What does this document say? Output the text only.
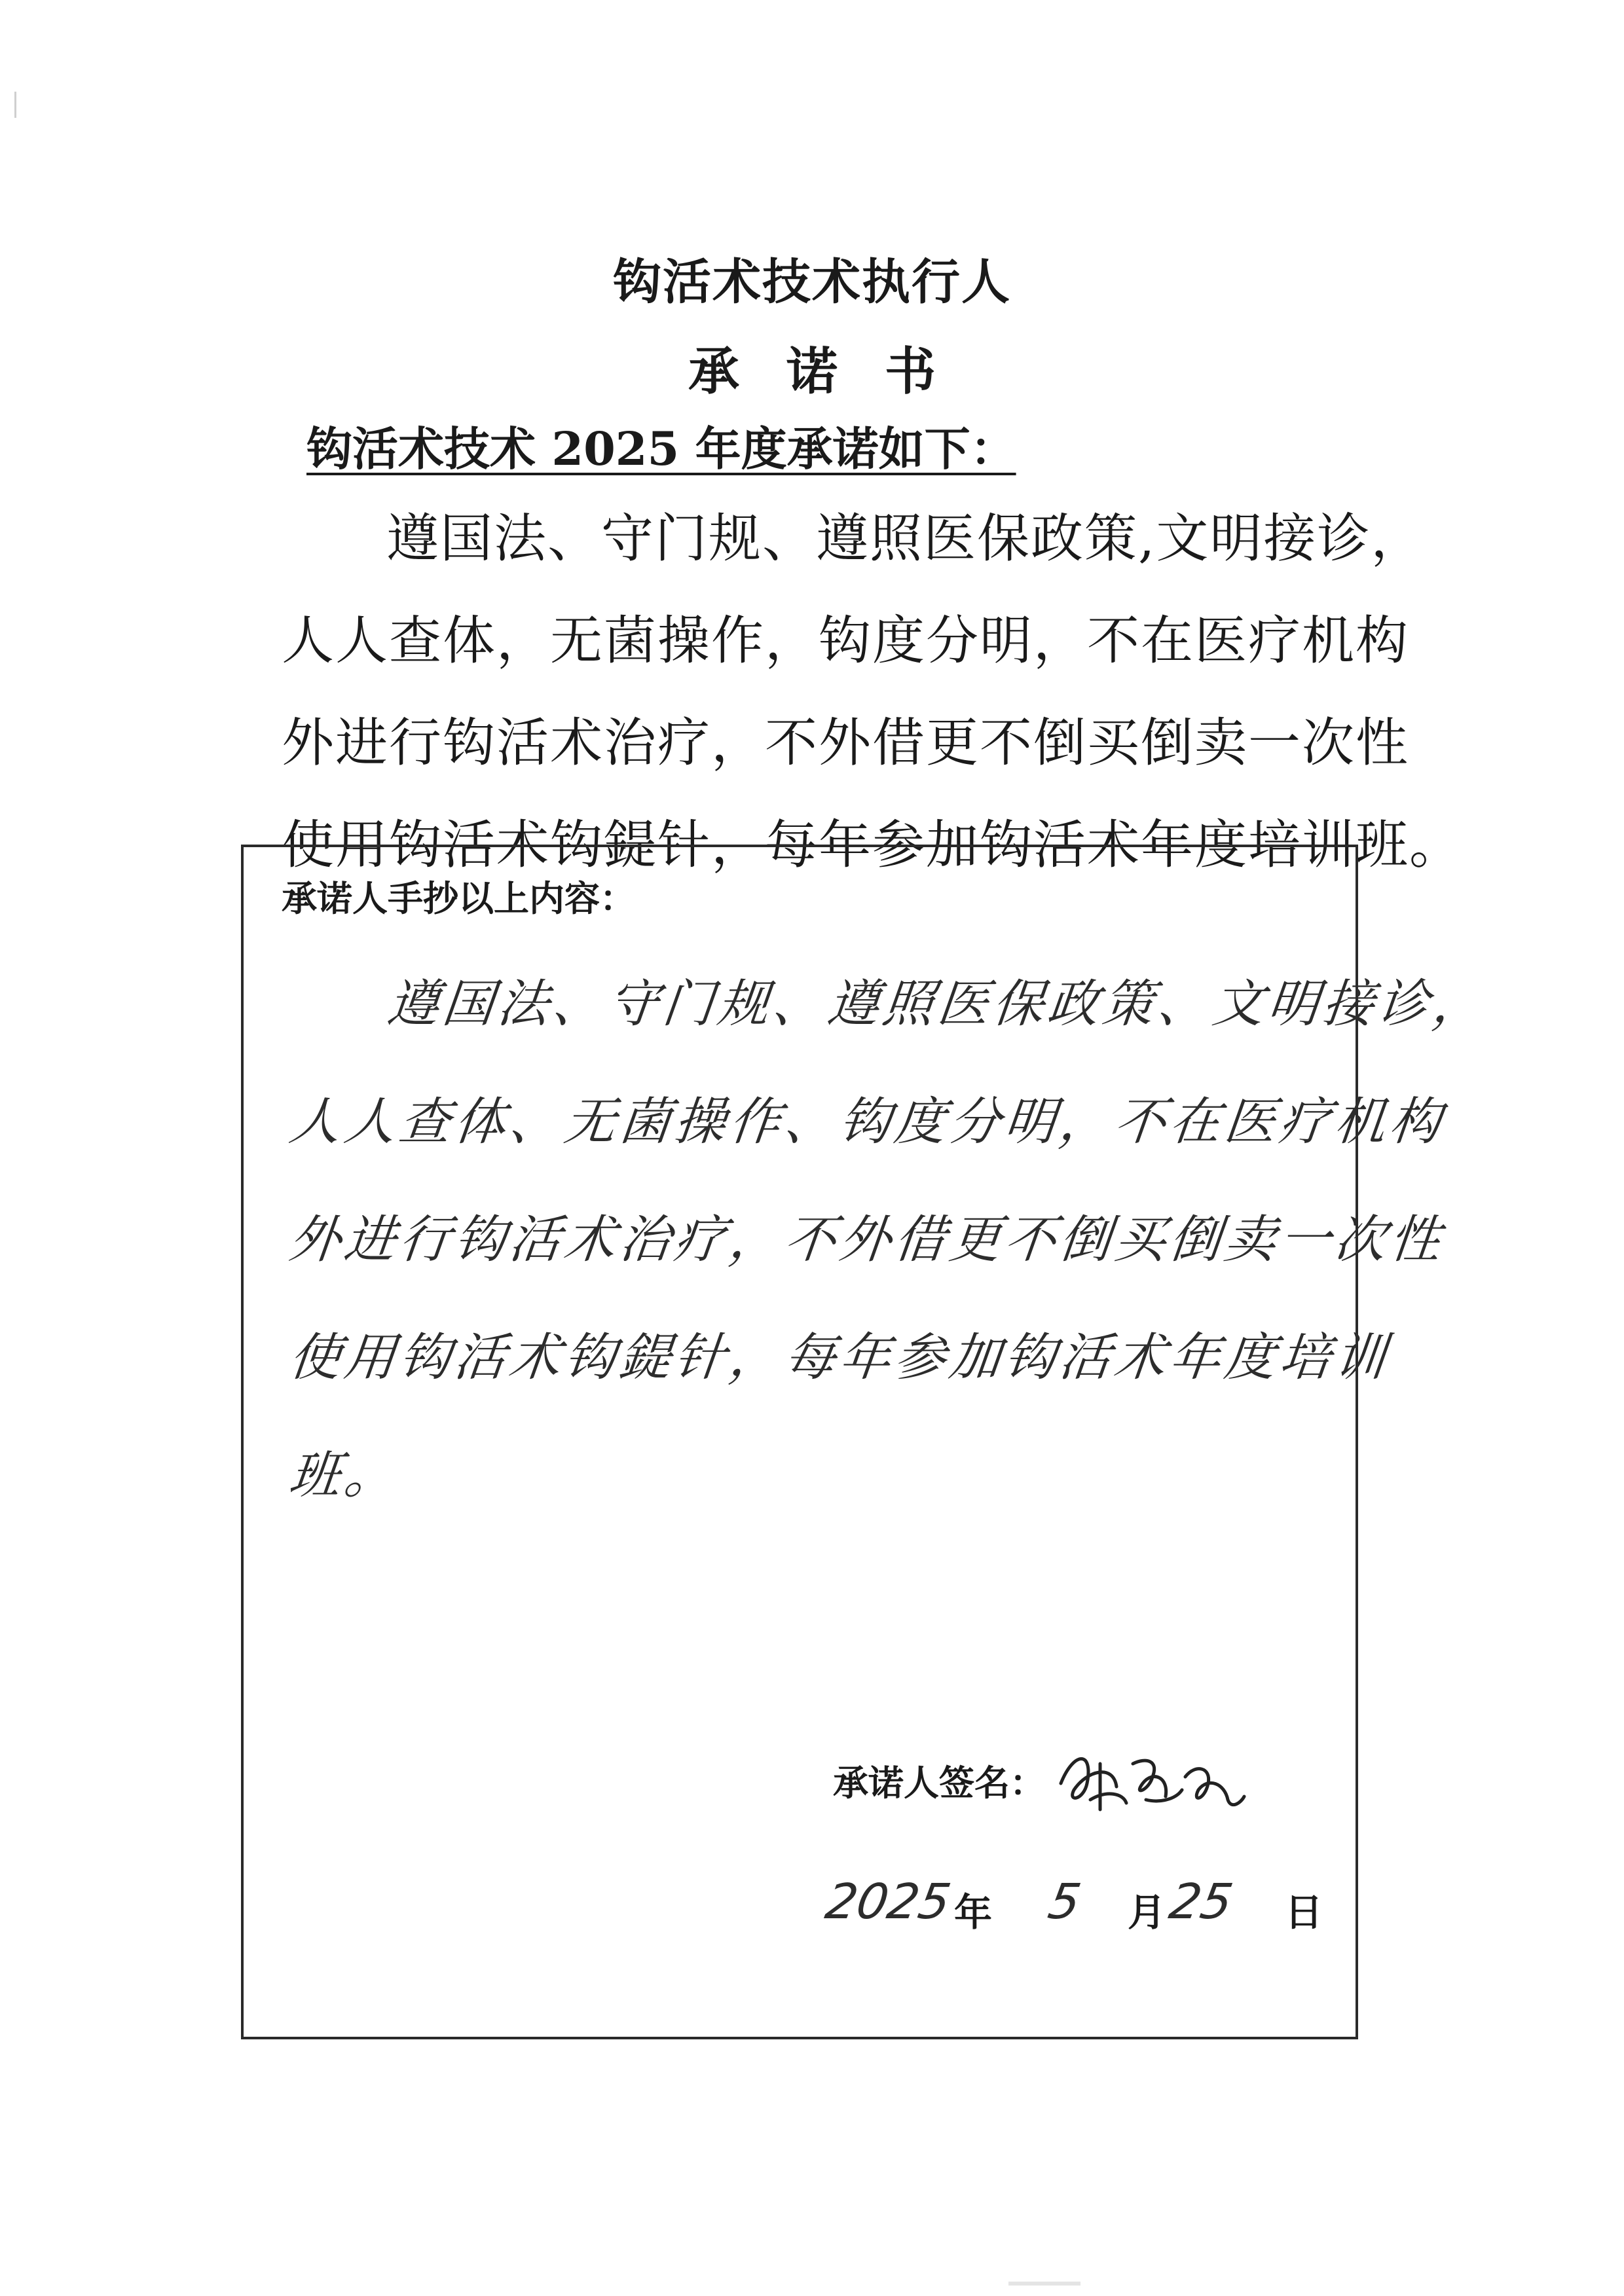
钩活术技术执行人
承诺书

钩活术技术 2025 年度承诺如下：

遵国法、守门规、遵照医保政策,文明接诊，
人人查体，无菌操作，钩度分明，不在医疗机构
外进行钩活术治疗，不外借更不倒买倒卖一次性
使用钩活术钩鍉针，每年参加钩活术年度培训班。

承诺人手抄以上内容：

遵国法、守门规、遵照医保政策、文明接诊，
人人查体、无菌操作、钩度分明，不在医疗机构
外进行钩活术治疗，不外借更不倒买倒卖一次性
使用钩活术钩鍉针，每年参加钩活术年度培训
班。
承诺人签名：
2025 年 5 月 25 日
